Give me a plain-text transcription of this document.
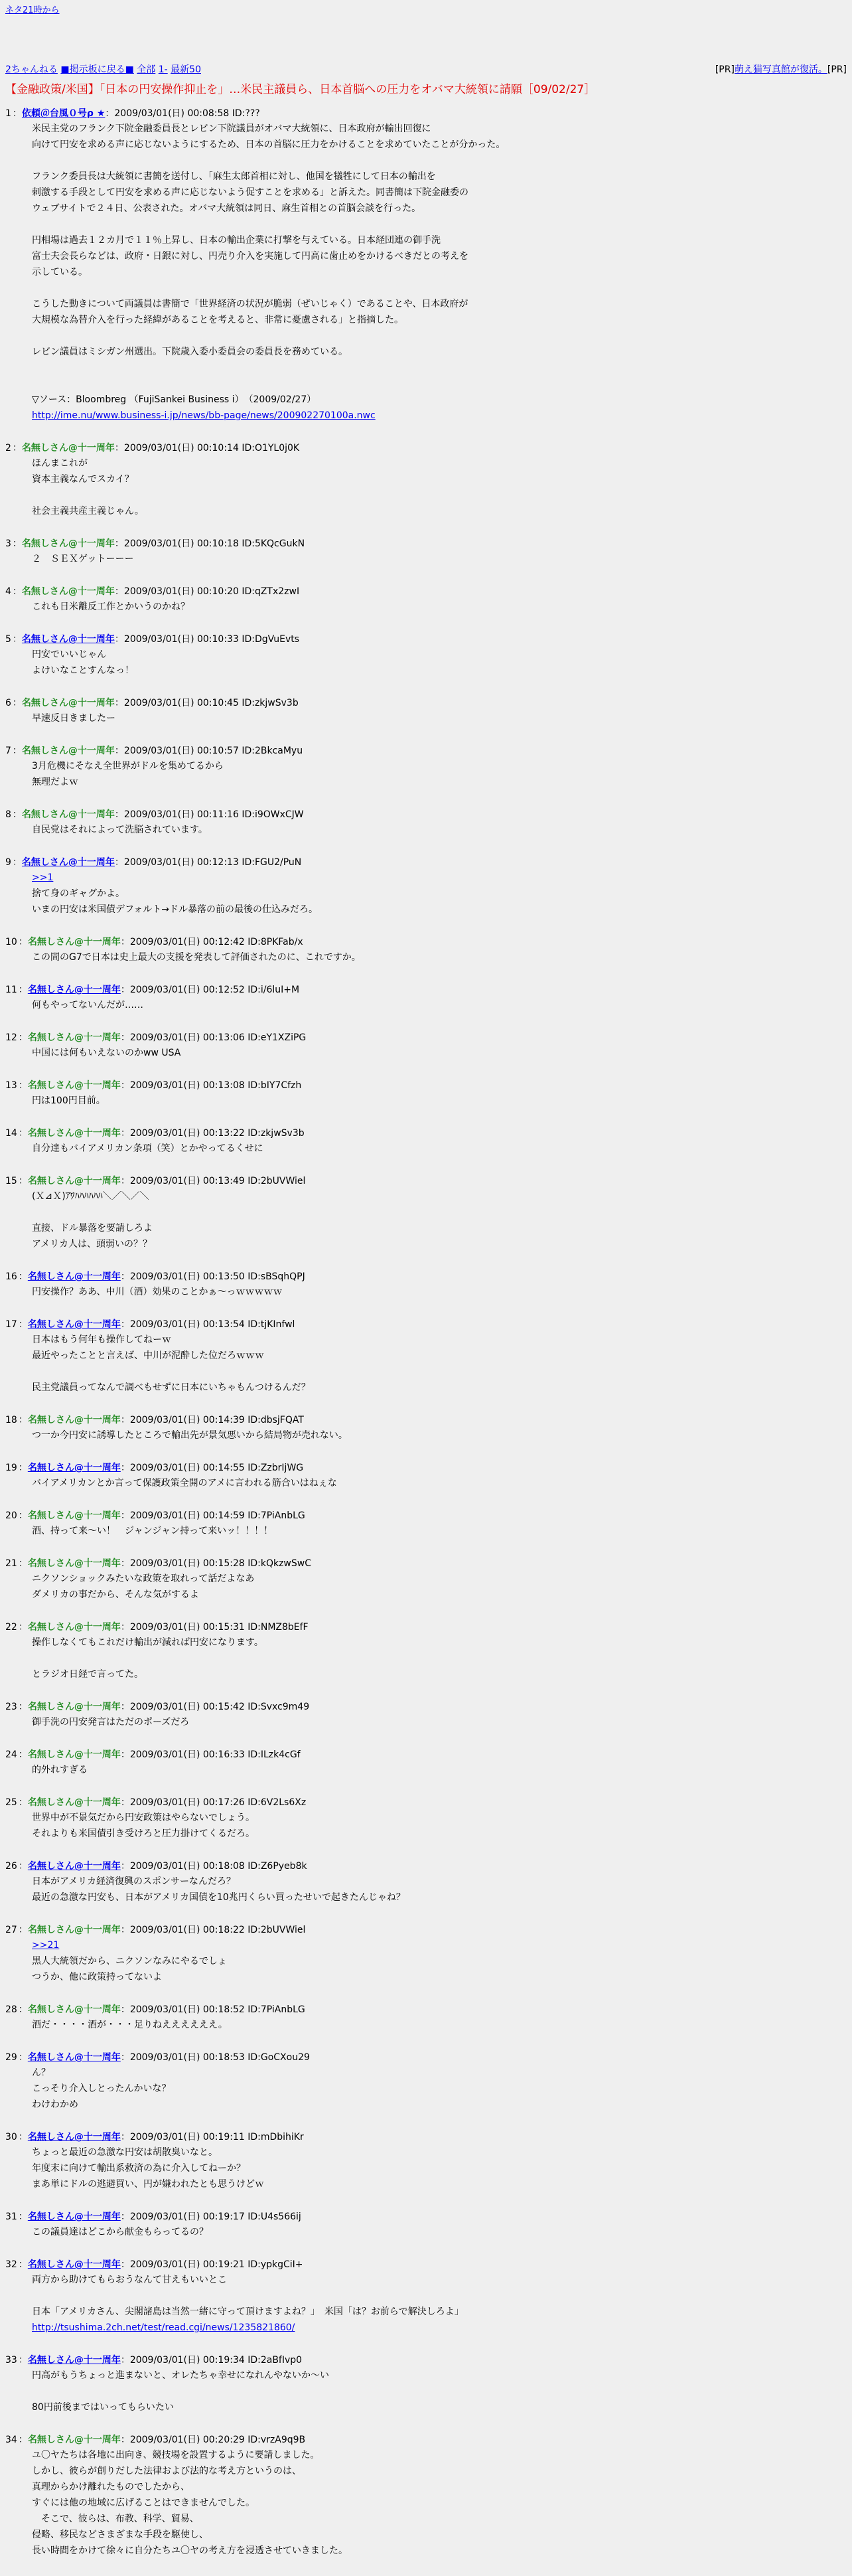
ネタ21時から
2ちゃんねる ■掲示板に戻る■ 全部 1- 最新50	[PR]萌え猫写真館が復活。[PR]
【金融政策/米国】「日本の円安操作抑止を」…米民主議員ら、日本首脳への圧力をオバマ大統領に請願［09/02/27］
1 ：依頼＠台風０号ρ ★：2009/03/01(日) 00:08:58 ID:???
米民主党のフランク下院金融委員長とレビン下院議員がオバマ大統領に、日本政府が輸出回復に
向けて円安を求める声に応じないようにするため、日本の首脳に圧力をかけることを求めていたことが分かった。
フランク委員長は大統領に書簡を送付し、「麻生太郎首相に対し、他国を犠牲にして日本の輸出を
刺激する手段として円安を求める声に応じないよう促すことを求める」と訴えた。同書簡は下院金融委の
ウェブサイトで２４日、公表された。オバマ大統領は同日、麻生首相との首脳会談を行った。
円相場は過去１２カ月で１１％上昇し、日本の輸出企業に打撃を与えている。日本経団連の御手洗
富士夫会長らなどは、政府・日銀に対し、円売り介入を実施して円高に歯止めをかけるべきだとの考えを
示している。
こうした動きについて両議員は書簡で「世界経済の状況が脆弱（ぜいじゃく）であることや、日本政府が
大規模な為替介入を行った経緯があることを考えると、非常に憂慮される」と指摘した。
レビン議員はミシガン州選出。下院歳入委小委員会の委員長を務めている。
▽ソース：Bloombreg （FujiSankei Business i）　（2009/02/27）
http://ime.nu/www.business-i.jp/news/bb-page/news/200902270100a.nwc
2 ：名無しさん@十一周年：2009/03/01(日) 00:10:14 ID:O1YL0j0K
ほんまこれが
資本主義なんでスカイ？
社会主義共産主義じゃん。
3 ：名無しさん@十一周年：2009/03/01(日) 00:10:18 ID:5KQcGukN
２　ＳＥＸゲットーーー
4 ：名無しさん@十一周年：2009/03/01(日) 00:10:20 ID:qZTx2zwI
これも日米離反工作とかいうのかね？
5 ：名無しさん@十一周年：2009/03/01(日) 00:10:33 ID:DgVuEvts
円安でいいじゃん
よけいなことすんなっ！
6 ：名無しさん@十一周年：2009/03/01(日) 00:10:45 ID:zkjwSv3b
早速反日きましたー
7 ：名無しさん@十一周年：2009/03/01(日) 00:10:57 ID:2BkcaMyu
3月危機にそなえ全世界がドルを集めてるから
無理だよｗ
8 ：名無しさん@十一周年：2009/03/01(日) 00:11:16 ID:i9OWxCJW
自民党はそれによって洗脳されています。
9 ：名無しさん@十一周年：2009/03/01(日) 00:12:13 ID:FGU2/PuN
>>1
捨て身のギャグかよ。
いまの円安は米国債デフォルト→ドル暴落の前の最後の仕込みだろ。
10 ：名無しさん@十一周年：2009/03/01(日) 00:12:42 ID:8PKFab/x
この間のG7で日本は史上最大の支援を発表して評価されたのに、これですか。
11 ：名無しさん@十一周年：2009/03/01(日) 00:12:52 ID:i/6luI+M
何もやってないんだが……
12 ：名無しさん@十一周年：2009/03/01(日) 00:13:06 ID:eY1XZiPG
中国には何もいえないのかww USA
13 ：名無しさん@十一周年：2009/03/01(日) 00:13:08 ID:bIY7Cfzh
円は100円目前。
14 ：名無しさん@十一周年：2009/03/01(日) 00:13:22 ID:zkjwSv3b
自分達もバイアメリカン条項（笑）とかやってるくせに
15 ：名無しさん@十一周年：2009/03/01(日) 00:13:49 ID:2bUVWiel
(Ｘ⊿Ｘ)ｱﾜﾊﾊﾊﾊﾊﾊ＼／＼／＼
直接、ドル暴落を要請しろよ
アメリカ人は、頭弱いの？？
16 ：名無しさん@十一周年：2009/03/01(日) 00:13:50 ID:sBSqhQPJ
円安操作？ああ、中川（酒）効果のことかぁ～っｗｗｗｗｗ
17 ：名無しさん@十一周年：2009/03/01(日) 00:13:54 ID:tjKInfwl
日本はもう何年も操作してねーｗ
最近やったことと言えば、中川が泥酔した位だろｗｗｗ
民主党議員ってなんで調べもせずに日本にいちゃもんつけるんだ？
18 ：名無しさん@十一周年：2009/03/01(日) 00:14:39 ID:dbsjFQAT
つ一か今円安に誘導したところで輸出先が景気悪いから結局物が売れない。
19 ：名無しさん@十一周年：2009/03/01(日) 00:14:55 ID:ZzbrIjWG
バイアメリカンとか言って保護政策全開のアメに言われる筋合いはねぇな
20 ：名無しさん@十一周年：2009/03/01(日) 00:14:59 ID:7PiAnbLG
酒、持って来～い！　ジャンジャン持って来いッ！！！！
21 ：名無しさん@十一周年：2009/03/01(日) 00:15:28 ID:kQkzwSwC
ニクソンショックみたいな政策を取れって話だよなあ
ダメリカの事だから、そんな気がするよ
22 ：名無しさん@十一周年：2009/03/01(日) 00:15:31 ID:NMZ8bEfF
操作しなくてもこれだけ輸出が減れば円安になります。
とラジオ日経で言ってた。
23 ：名無しさん@十一周年：2009/03/01(日) 00:15:42 ID:Svxc9m49
御手洗の円安発言はただのポーズだろ
24 ：名無しさん@十一周年：2009/03/01(日) 00:16:33 ID:ILzk4cGf
的外れすぎる
25 ：名無しさん@十一周年：2009/03/01(日) 00:17:26 ID:6V2Ls6Xz
世界中が不景気だから円安政策はやらないでしょう。
それよりも米国債引き受けろと圧力掛けてくるだろ。
26 ：名無しさん@十一周年：2009/03/01(日) 00:18:08 ID:Z6Pyeb8k
日本がアメリカ経済復興のスポンサーなんだろ？
最近の急激な円安も、日本がアメリカ国債を10兆円くらい買ったせいで起きたんじゃね？
27 ：名無しさん@十一周年：2009/03/01(日) 00:18:22 ID:2bUVWiel
>>21
黒人大統領だから、ニクソンなみにやるでしょ
つうか、他に政策持ってないよ
28 ：名無しさん@十一周年：2009/03/01(日) 00:18:52 ID:7PiAnbLG
酒だ・・・・酒が・・・足りねええええええ。
29 ：名無しさん@十一周年：2009/03/01(日) 00:18:53 ID:GoCXou29
ん？
こっそり介入しとったんかいな？
わけわかめ
30 ：名無しさん@十一周年：2009/03/01(日) 00:19:11 ID:mDbihiKr
ちょっと最近の急激な円安は胡散臭いなと。
年度末に向けて輸出系救済の為に介入してねーか？
まあ単にドルの逃避買い、円が嫌われたとも思うけどｗ
31 ：名無しさん@十一周年：2009/03/01(日) 00:19:17 ID:U4s566ij
この議員達はどこから献金もらってるの？
32 ：名無しさん@十一周年：2009/03/01(日) 00:19:21 ID:ypkgCiI+
両方から助けてもらおうなんて甘えもいいとこ
日本「アメリカさん、尖閣諸島は当然一緒に守って頂けますよね？」　米国「は？お前らで解決しろよ」
http://tsushima.2ch.net/test/read.cgi/news/1235821860/
33 ：名無しさん@十一周年：2009/03/01(日) 00:19:34 ID:2aBfIvp0
円高がもうちょっと進まないと、オレたちゃ幸せになれんやないか～い
80円前後まではいってもらいたい
34 ：名無しさん@十一周年：2009/03/01(日) 00:20:29 ID:vrzA9q9B
ユ〇ヤたちは各地に出向き、競技場を設置するように要請しました。
しかし、彼らが創りだした法律および法的な考え方というのは、
真理からかけ離れたものでしたから、
すぐには他の地域に広げることはできませんでした。
　そこで、彼らは、布教、科学、貿易、
侵略、移民などさまざまな手段を駆使し、
長い時間をかけて徐々に自分たちユ〇ヤの考え方を浸透させていきました。
